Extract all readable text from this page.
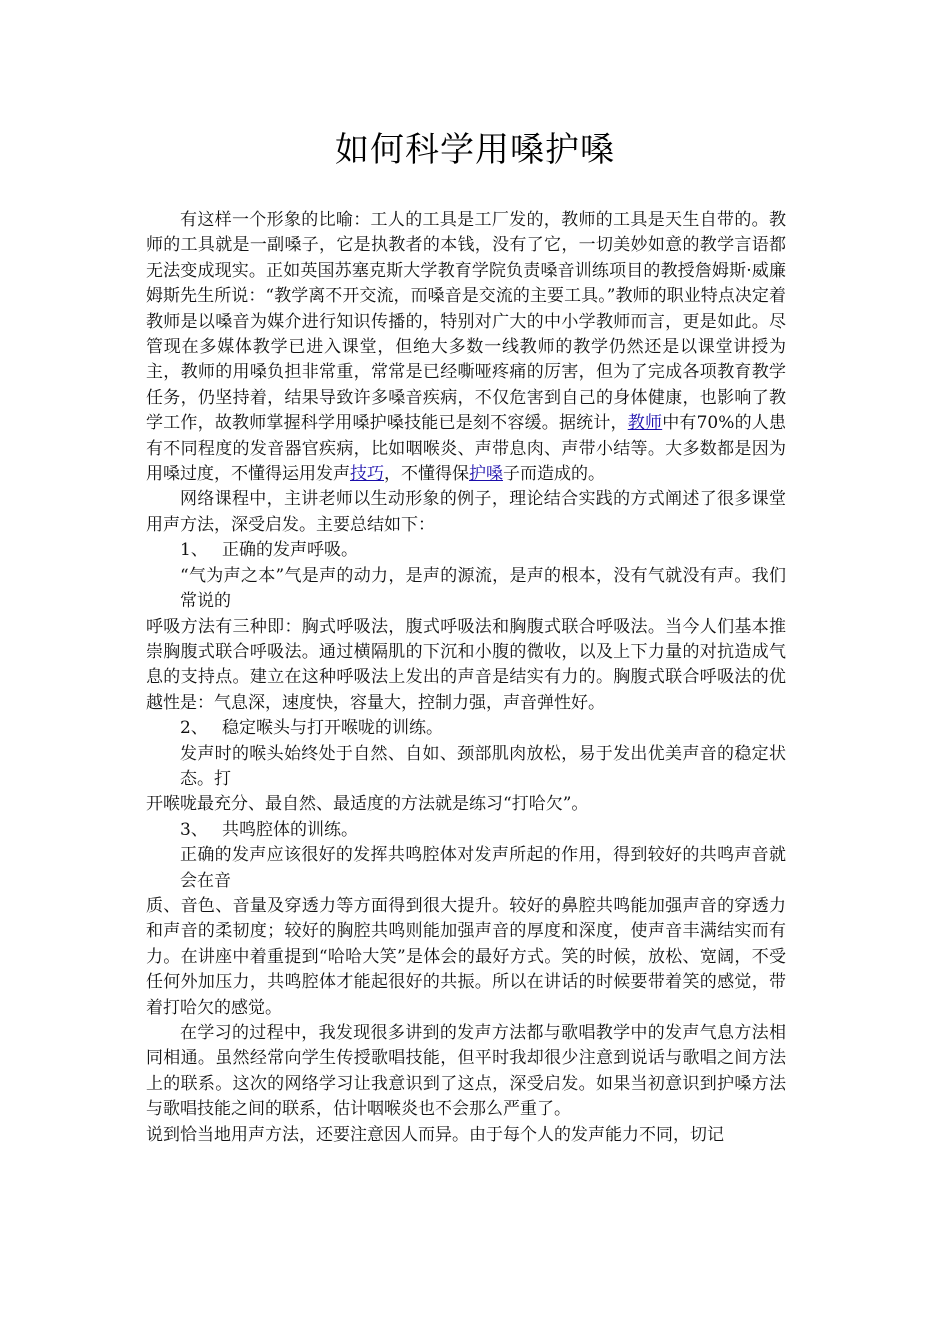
如何科学用嗓护嗓

有这样一个形象的比喻：工人的工具是工厂发的，教师的工具是天生自带的。教师的工具就是一副嗓子，它是执教者的本钱，没有了它，一切美妙如意的教学言语都无法变成现实。正如英国苏塞克斯大学教育学院负责嗓音训练项目的教授詹姆斯·威廉姆斯先生所说：“教学离不开交流，而嗓音是交流的主要工具。”教师的职业特点决定着教师是以嗓音为媒介进行知识传播的，特别对广大的中小学教师而言，更是如此。尽管现在多媒体教学已进入课堂，但绝大多数一线教师的教学仍然还是以课堂讲授为主，教师的用嗓负担非常重，常常是已经嘶哑疼痛的厉害，但为了完成各项教育教学任务，仍坚持着，结果导致许多嗓音疾病，不仅危害到自己的身体健康，也影响了教学工作，故教师掌握科学用嗓护嗓技能已是刻不容缓。据统计，教师中有70%的人患有不同程度的发音器官疾病，比如咽喉炎、声带息肉、声带小结等。大多数都是因为用嗓过度，不懂得运用发声技巧，不懂得保护嗓子而造成的。

网络课程中，主讲老师以生动形象的例子，理论结合实践的方式阐述了很多课堂用声方法，深受启发。主要总结如下：

1、 正确的发声呼吸。

“气为声之本”气是声的动力，是声的源流，是声的根本，没有气就没有声。我们常说的

呼吸方法有三种即：胸式呼吸法，腹式呼吸法和胸腹式联合呼吸法。当今人们基本推崇胸腹式联合呼吸法。通过横隔肌的下沉和小腹的微收，以及上下力量的对抗造成气息的支持点。建立在这种呼吸法上发出的声音是结实有力的。胸腹式联合呼吸法的优越性是：气息深，速度快，容量大，控制力强，声音弹性好。

2、 稳定喉头与打开喉咙的训练。

发声时的喉头始终处于自然、自如、颈部肌肉放松，易于发出优美声音的稳定状态。打

开喉咙最充分、最自然、最适度的方法就是练习“打哈欠”。

3、 共鸣腔体的训练。

正确的发声应该很好的发挥共鸣腔体对发声所起的作用，得到较好的共鸣声音就会在音

质、音色、音量及穿透力等方面得到很大提升。较好的鼻腔共鸣能加强声音的穿透力和声音的柔韧度；较好的胸腔共鸣则能加强声音的厚度和深度，使声音丰满结实而有力。在讲座中着重提到“哈哈大笑”是体会的最好方式。笑的时候，放松、宽阔，不受任何外加压力，共鸣腔体才能起很好的共振。所以在讲话的时候要带着笑的感觉，带着打哈欠的感觉。

在学习的过程中，我发现很多讲到的发声方法都与歌唱教学中的发声气息方法相同相通。虽然经常向学生传授歌唱技能，但平时我却很少注意到说话与歌唱之间方法上的联系。这次的网络学习让我意识到了这点，深受启发。如果当初意识到护嗓方法与歌唱技能之间的联系，估计咽喉炎也不会那么严重了。

说到恰当地用声方法，还要注意因人而异。由于每个人的发声能力不同，切记
